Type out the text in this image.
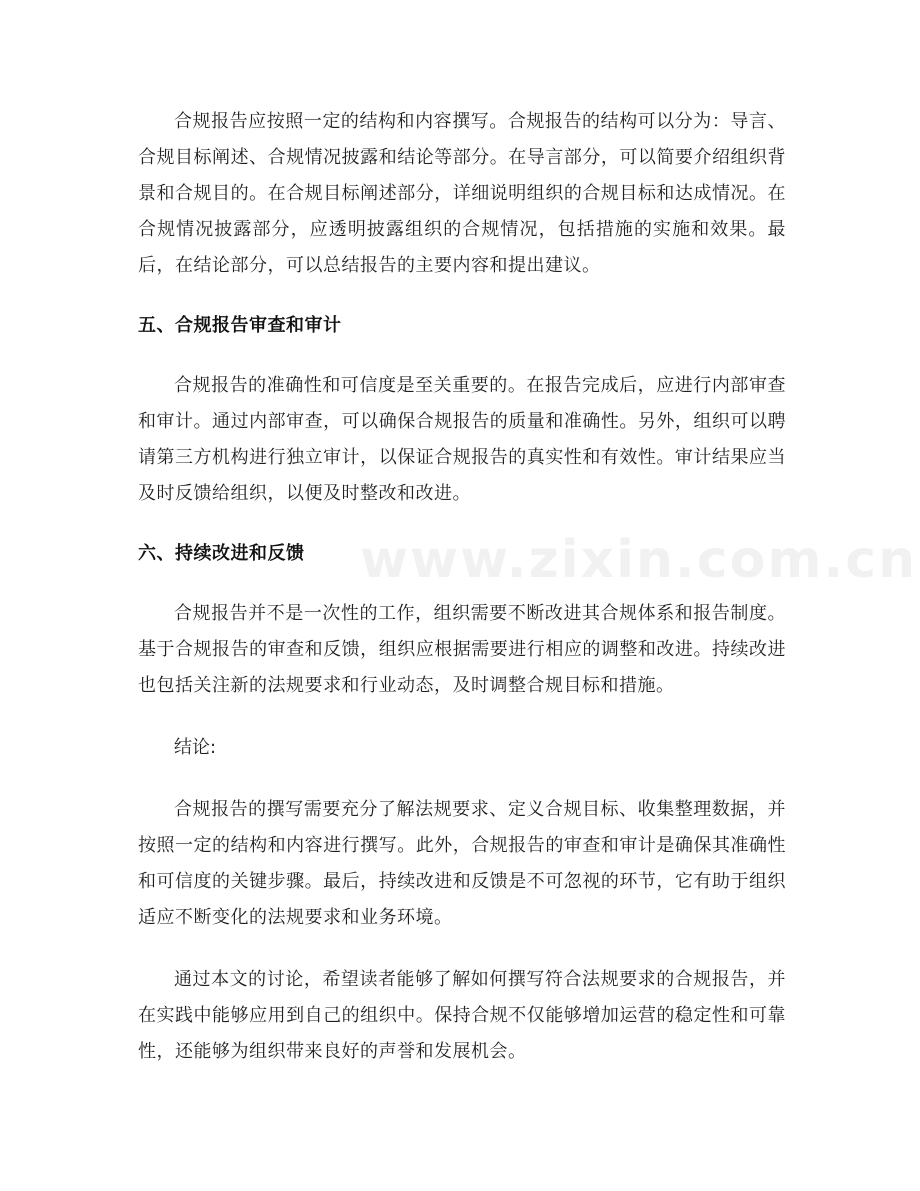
www.zixin.com.cn

合规报告应按照一定的结构和内容撰写。合规报告的结构可以分为：导言、合规目标阐述、合规情况披露和结论等部分。在导言部分，可以简要介绍组织背景和合规目的。在合规目标阐述部分，详细说明组织的合规目标和达成情况。在合规情况披露部分，应透明披露组织的合规情况，包括措施的实施和效果。最后，在结论部分，可以总结报告的主要内容和提出建议。

五、合规报告审查和审计

合规报告的准确性和可信度是至关重要的。在报告完成后，应进行内部审查和审计。通过内部审查，可以确保合规报告的质量和准确性。另外，组织可以聘请第三方机构进行独立审计，以保证合规报告的真实性和有效性。审计结果应当及时反馈给组织，以便及时整改和改进。

六、持续改进和反馈

合规报告并不是一次性的工作，组织需要不断改进其合规体系和报告制度。基于合规报告的审查和反馈，组织应根据需要进行相应的调整和改进。持续改进也包括关注新的法规要求和行业动态，及时调整合规目标和措施。

结论:

合规报告的撰写需要充分了解法规要求、定义合规目标、收集整理数据，并按照一定的结构和内容进行撰写。此外，合规报告的审查和审计是确保其准确性和可信度的关键步骤。最后，持续改进和反馈是不可忽视的环节，它有助于组织适应不断变化的法规要求和业务环境。

通过本文的讨论，希望读者能够了解如何撰写符合法规要求的合规报告，并在实践中能够应用到自己的组织中。保持合规不仅能够增加运营的稳定性和可靠性，还能够为组织带来良好的声誉和发展机会。
